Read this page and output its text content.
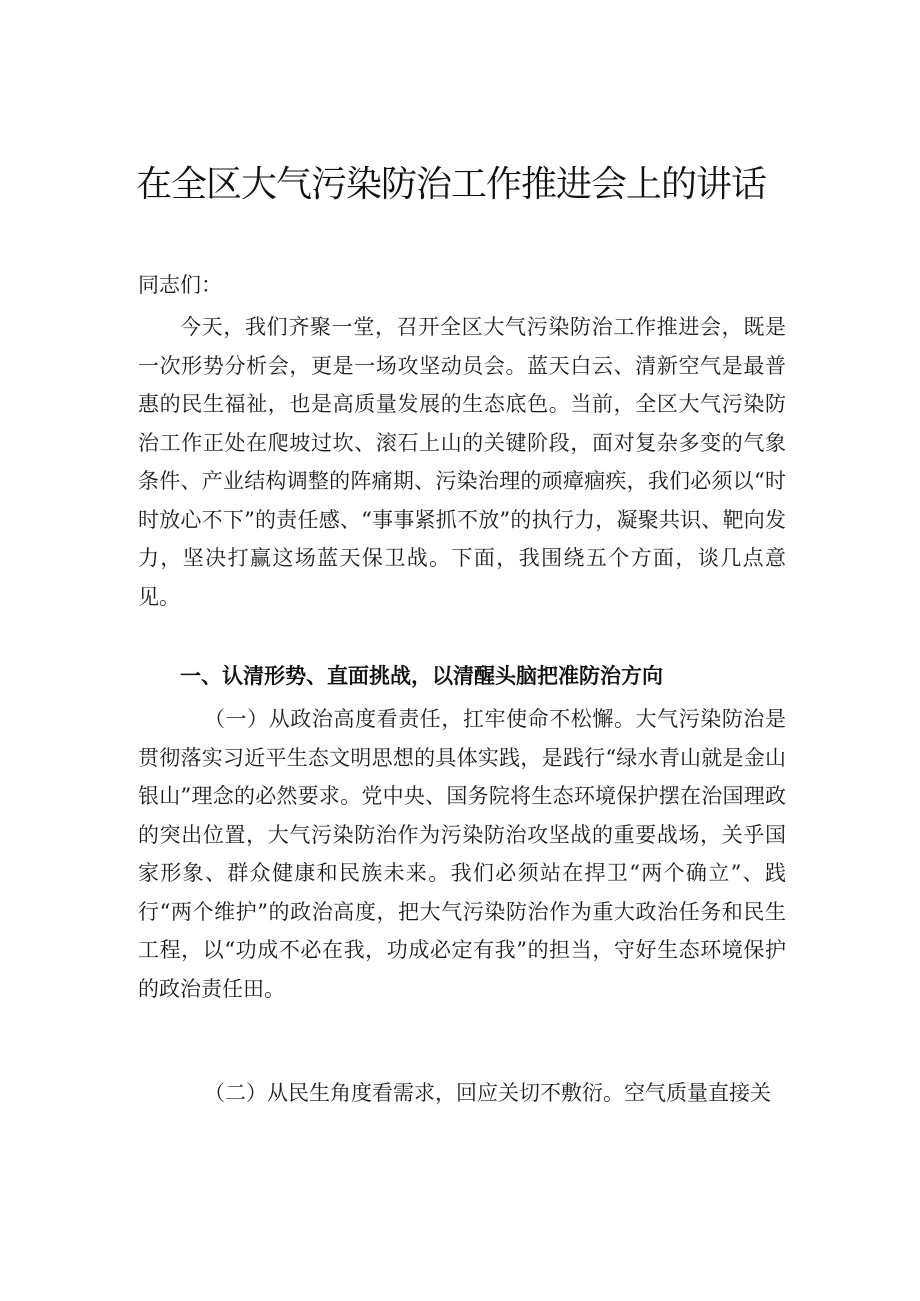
在全区大气污染防治工作推进会上的讲话

同志们：

今天，我们齐聚一堂，召开全区大气污染防治工作推进会，既是一次形势分析会，更是一场攻坚动员会。蓝天白云、清新空气是最普惠的民生福祉，也是高质量发展的生态底色。当前，全区大气污染防治工作正处在爬坡过坎、滚石上山的关键阶段，面对复杂多变的气象条件、产业结构调整的阵痛期、污染治理的顽瘴痼疾，我们必须以“时时放心不下”的责任感、“事事紧抓不放”的执行力，凝聚共识、靶向发力，坚决打赢这场蓝天保卫战。下面，我围绕五个方面，谈几点意见。

一、认清形势、直面挑战，以清醒头脑把准防治方向

（一）从政治高度看责任，扛牢使命不松懈。大气污染防治是贯彻落实习近平生态文明思想的具体实践，是践行“绿水青山就是金山银山”理念的必然要求。党中央、国务院将生态环境保护摆在治国理政的突出位置，大气污染防治作为污染防治攻坚战的重要战场，关乎国家形象、群众健康和民族未来。我们必须站在捍卫“两个确立”、践行“两个维护”的政治高度，把大气污染防治作为重大政治任务和民生工程，以“功成不必在我，功成必定有我”的担当，守好生态环境保护的政治责任田。

（二）从民生角度看需求，回应关切不敷衍。空气质量直接关
